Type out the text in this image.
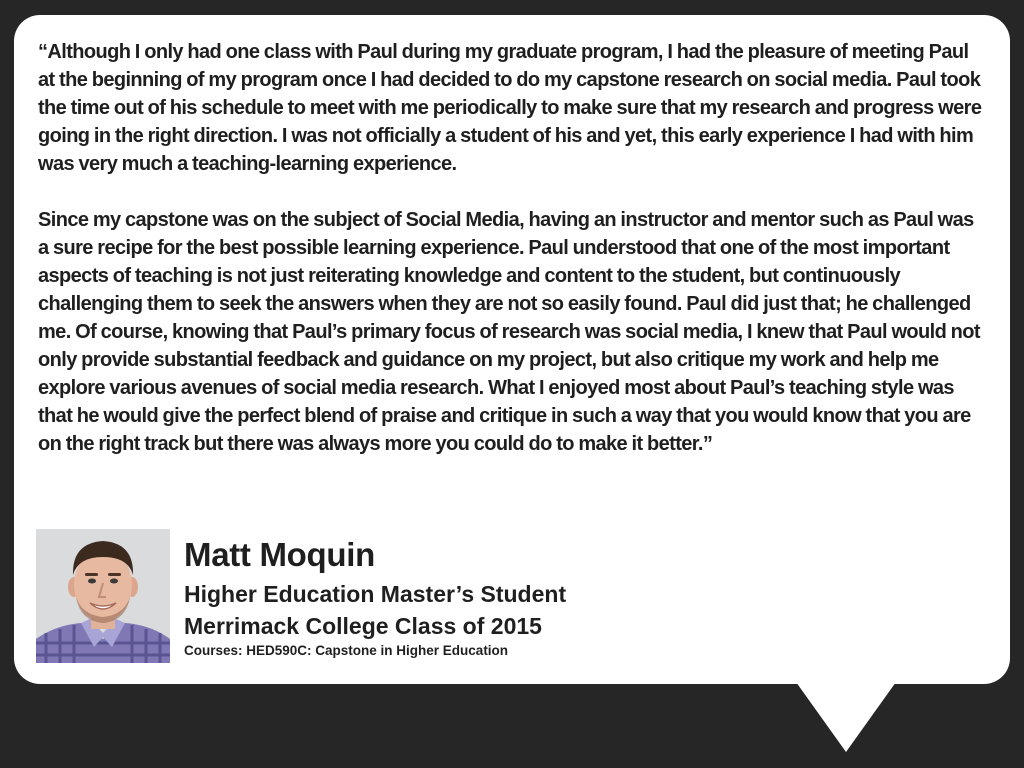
“Although I only had one class with Paul during my graduate program, I had the pleasure of meeting Paul at the beginning of my program once I had decided to do my capstone research on social media. Paul took the time out of his schedule to meet with me periodically to make sure that my research and progress were going in the right direction. I was not officially a student of his and yet, this early experience I had with him was very much a teaching-learning experience.

Since my capstone was on the subject of Social Media, having an instructor and mentor such as Paul was a sure recipe for the best possible learning experience. Paul understood that one of the most important aspects of teaching is not just reiterating knowledge and content to the student, but continuously challenging them to seek the answers when they are not so easily found. Paul did just that; he challenged me. Of course, knowing that Paul’s primary focus of research was social media, I knew that Paul would not only provide substantial feedback and guidance on my project, but also critique my work and help me explore various avenues of social media research. What I enjoyed most about Paul’s teaching style was that he would give the perfect blend of praise and critique in such a way that you would know that you are on the right track but there was always more you could do to make it better.”

Matt Moquin
Higher Education Master’s Student
Merrimack College Class of 2015
Courses: HED590C: Capstone in Higher Education
